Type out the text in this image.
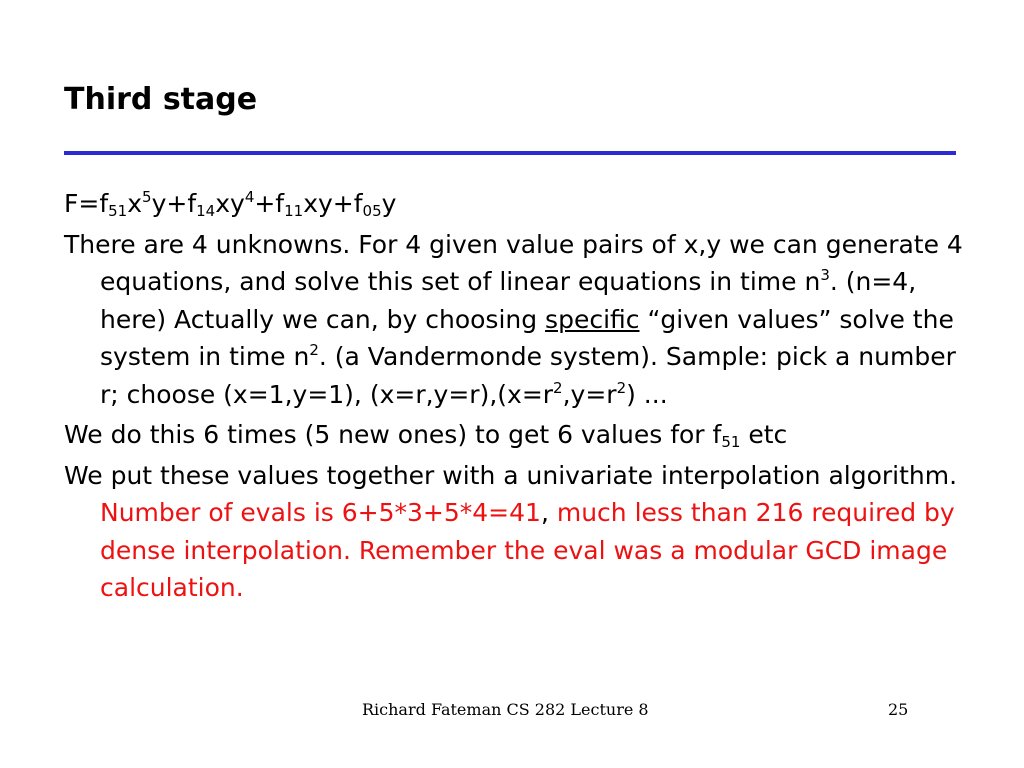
Third stage
$F=f_{51}x^5y+f_{14}xy^4+f_{11}xy+f_{05}y$
There are 4 unknowns. For 4 given value pairs of x,y we can generate 4 equations, and solve this set of linear equations in time $n^3$. (n=4, here) Actually we can, by choosing specific “given values” solve the system in time $n^2$. (a Vandermonde system). Sample: pick a number r; choose (x=1,y=1), $(x=r,y=r),(x=r^2,y=r^2)$ ...
We do this 6 times (5 new ones) to get 6 values for $f_{51}$ etc
We put these values together with a univariate interpolation algorithm. Number of evals is 6+5*3+5*4=41, much less than 216 required by dense interpolation. Remember the eval was a modular GCD image calculation.
Richard Fateman CS 282 Lecture 8	25
